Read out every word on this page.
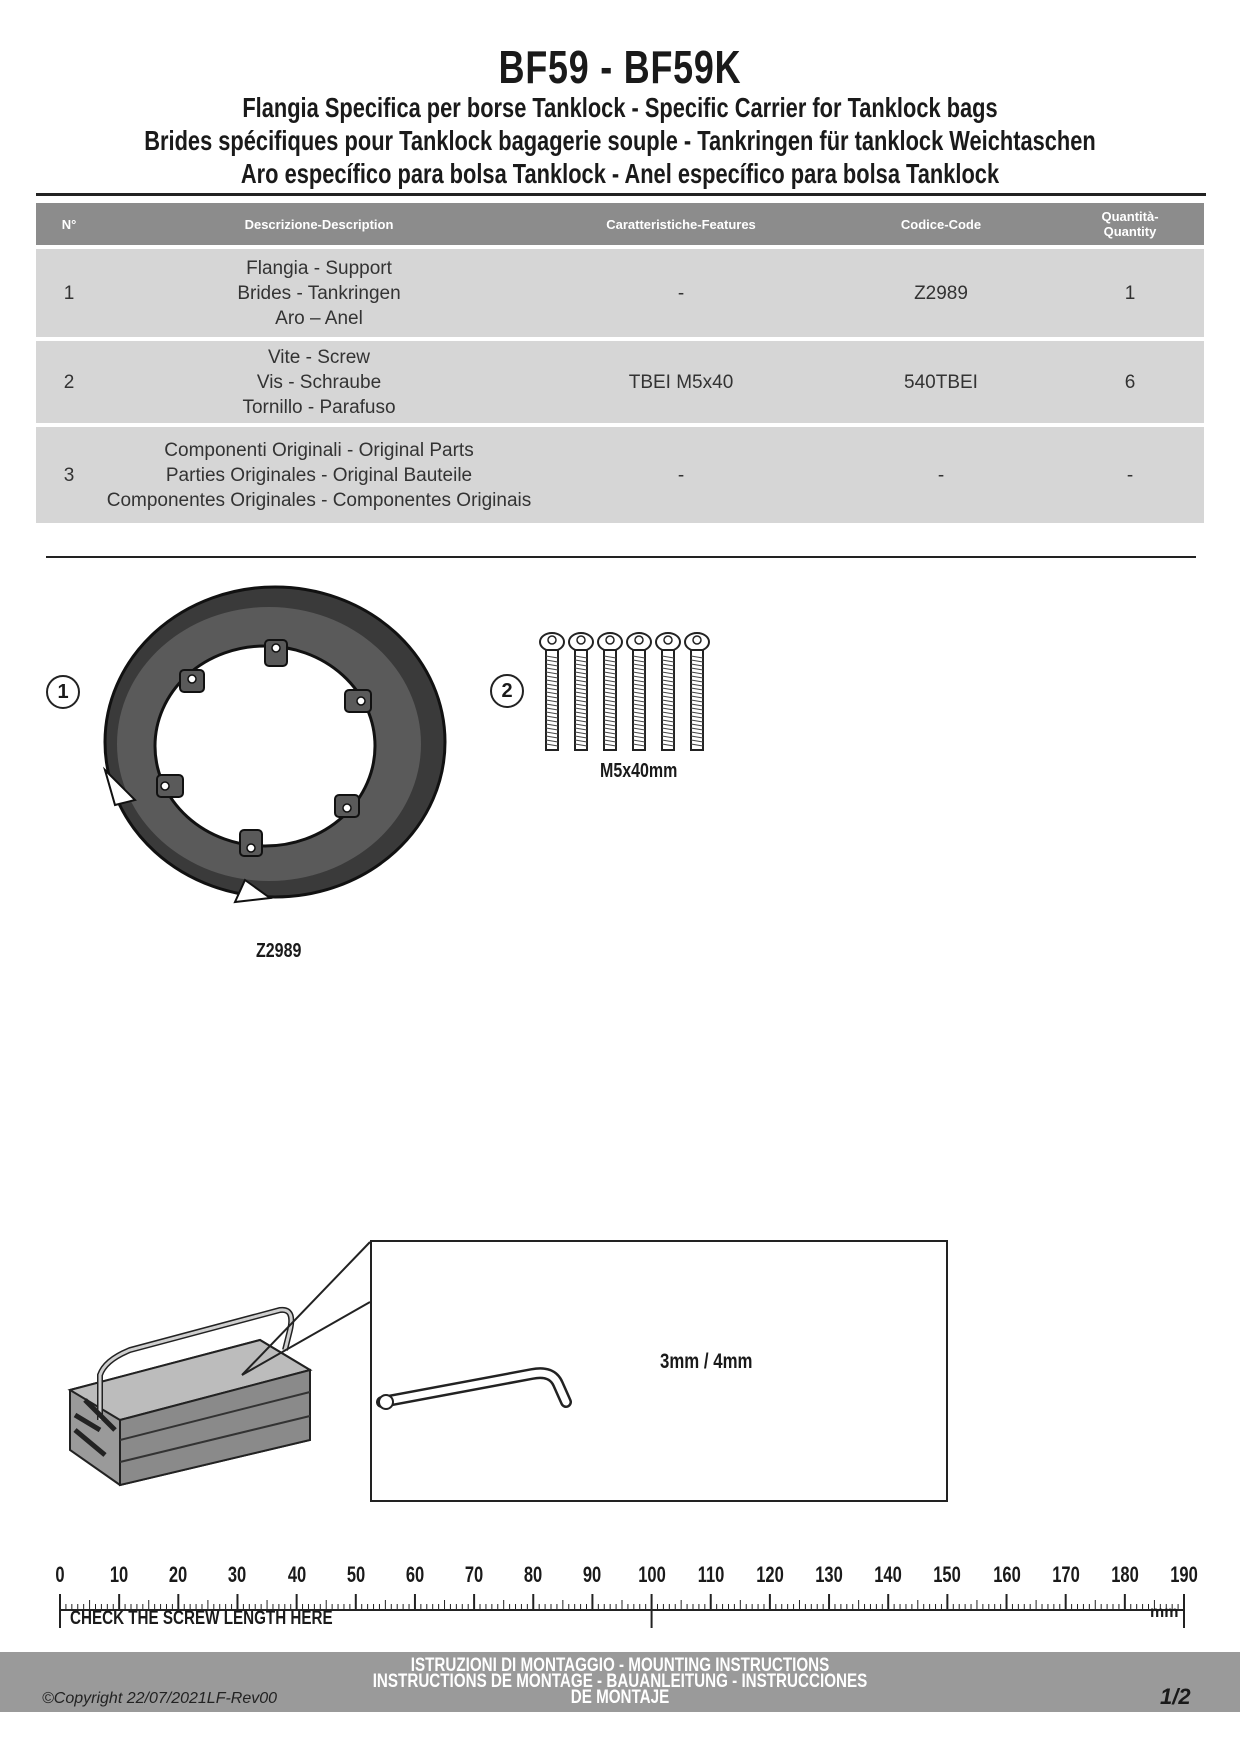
BF59 - BF59K
Flangia Specifica per borse Tanklock - Specific Carrier for Tanklock bags
Brides spécifiques pour Tanklock bagagerie souple - Tankringen für tanklock Weichtaschen
Aro específico para bolsa Tanklock - Anel específico para bolsa Tanklock
N°	Descrizione-Description	Caratteristiche-Features	Codice-Code	Quantità-
Quantity

1	Flangia - Support
Brides - Tankringen
Aro – Anel	-	Z2989	1
2	Vite - Screw
Vis - Schraube
Tornillo - Parafuso	TBEI M5x40	540TBEI	6
3	Componenti Originali - Original Parts
Parties Originales - Original Bauteile
Componentes Originales - Componentes Originais	-	-	-
1
Z2989
2
M5x40mm
3mm / 4mm
0 10 20 30 40 50 60 70 80 90 100 110 120 130 140 150 160 170 180 190
CHECK THE SCREW LENGTH HERE	mm
ISTRUZIONI DI MONTAGGIO - MOUNTING INSTRUCTIONS
INSTRUCTIONS DE MONTAGE - BAUANLEITUNG - INSTRUCCIONES
DE MONTAJE
©Copyright 22/07/2021LF-Rev00	1/2
